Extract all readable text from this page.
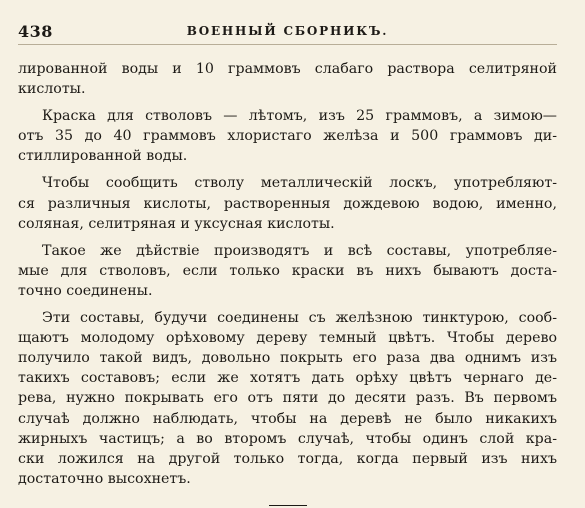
438	ВОЕННЫЙ СБОРНИКЪ.

лированной воды и 10 граммовъ слабаго раствора селитряной
кислоты.

Краска для стволовъ — лѣтомъ, изъ 25 граммовъ, а зимою—
отъ 35 до 40 граммовъ хлористаго желѣза и 500 граммовъ ди-
стиллированной воды.

Чтобы сообщить стволу металлическій лоскъ, употребляют-
ся различныя кислоты, растворенныя дождевою водою, именно,
соляная, селитряная и уксусная кислоты.

Такое же дѣйствіе производятъ и всѣ составы, употребляе-
мые для стволовъ, если только краски въ нихъ бываютъ доста-
точно соединены.

Эти составы, будучи соединены съ желѣзною тинктурою, сооб-
щаютъ молодому орѣховому дереву темный цвѣтъ. Чтобы дерево
получило такой видъ, довольно покрыть его раза два однимъ изъ
такихъ составовъ; если же хотятъ дать орѣху цвѣтъ чернаго де-
рева, нужно покрывать его отъ пяти до десяти разъ. Въ первомъ
случаѣ должно наблюдать, чтобы на деревѣ не было никакихъ
жирныхъ частицъ; а во второмъ случаѣ, чтобы одинъ слой кра-
ски ложился на другой только тогда, когда первый изъ нихъ
достаточно высохнетъ.
